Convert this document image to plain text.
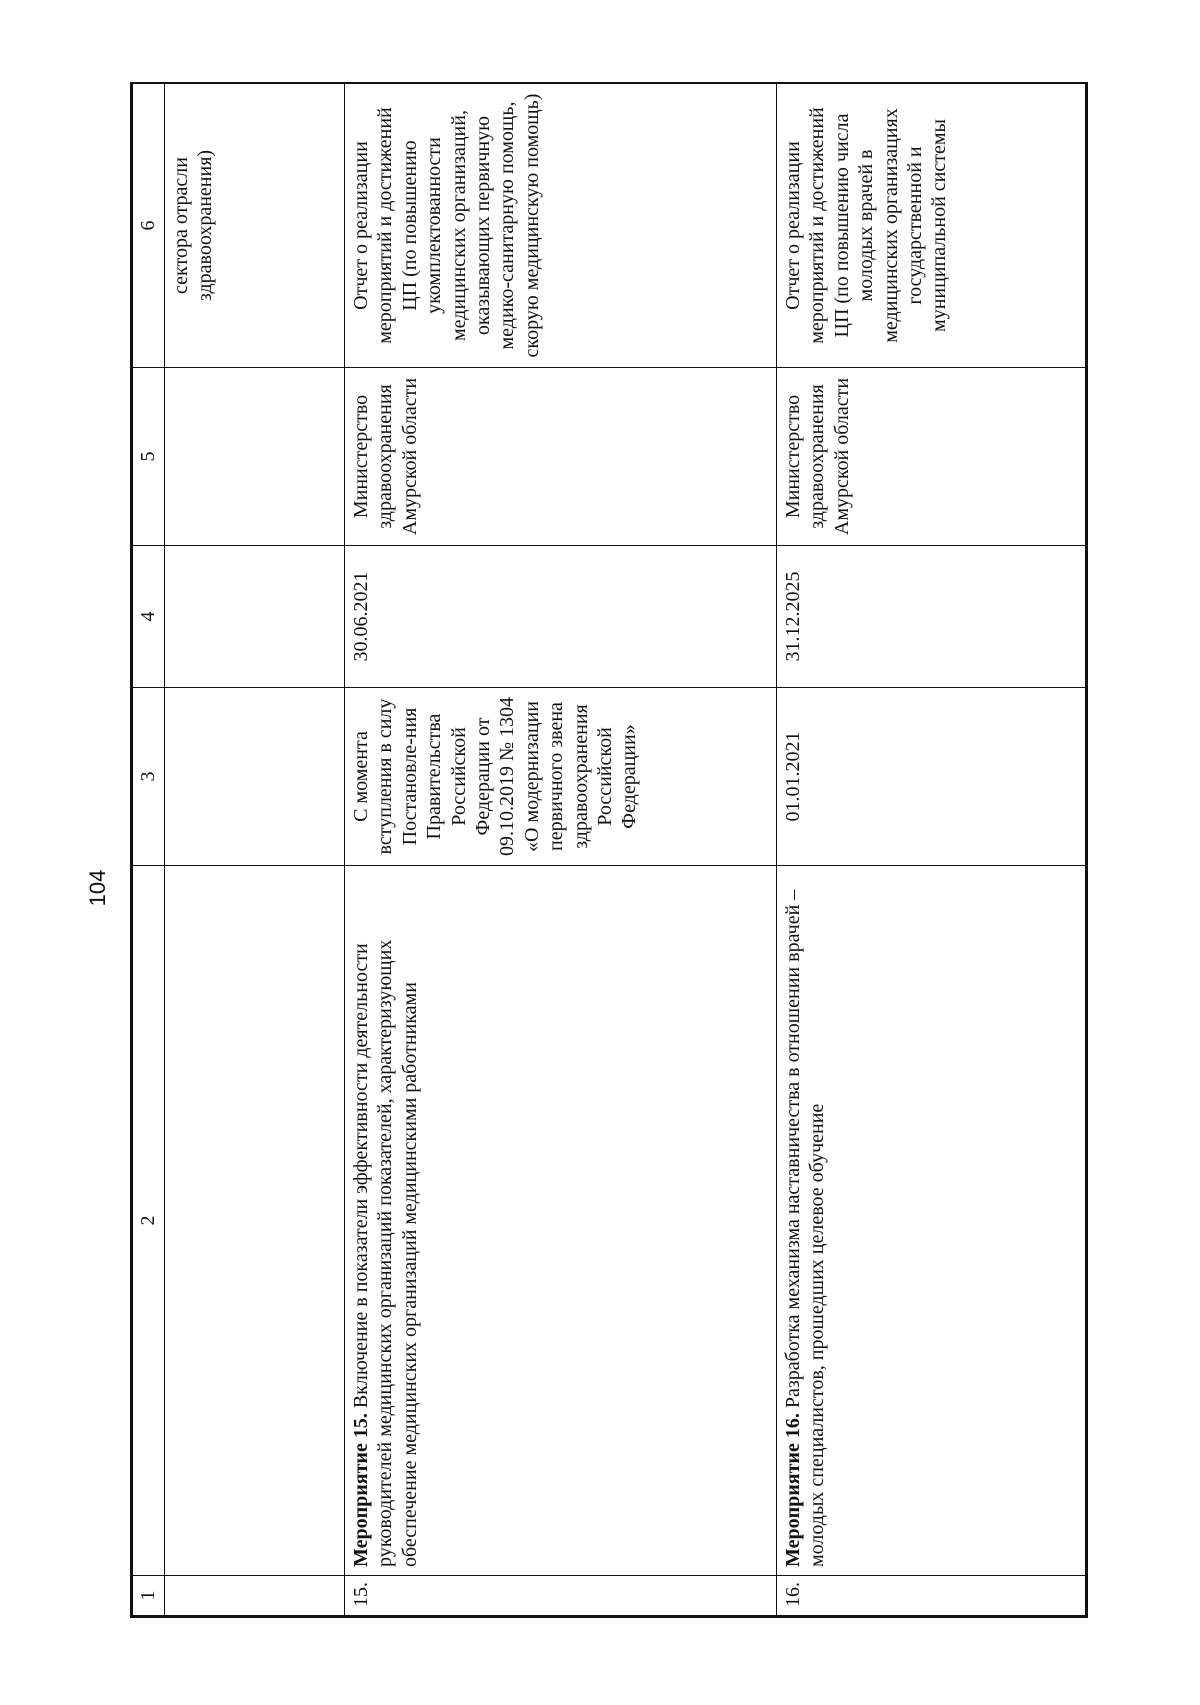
104
1	2	3	4	5	6
					сектора отрасли здравоохранения)
15.	Мероприятие 15. Включение в показатели эффективности деятельности руководителей медицинских организаций показателей, характеризующих обеспечение медицинских организаций медицинскими работниками	С момента вступления в силу Постановле-ния Правительства Российской Федерации от 09.10.2019 № 1304 «О модернизации первичного звена здравоохранения Российской Федерации»	30.06.2021	Министерство здравоохранения Амурской области	Отчет о реализации мероприятий и достижений ЦП (по повышению укомплектованности медицинских организаций, оказывающих первичную медико-санитарную помощь, скорую медицинскую помощь)
16.	Мероприятие 16. Разработка механизма наставничества в отношении врачей – молодых специалистов, прошедших целевое обучение	01.01.2021	31.12.2025	Министерство здравоохранения Амурской области	Отчет о реализации мероприятий и достижений ЦП (по повышению числа молодых врачей в медицинских организациях государственной и муниципальной системы
